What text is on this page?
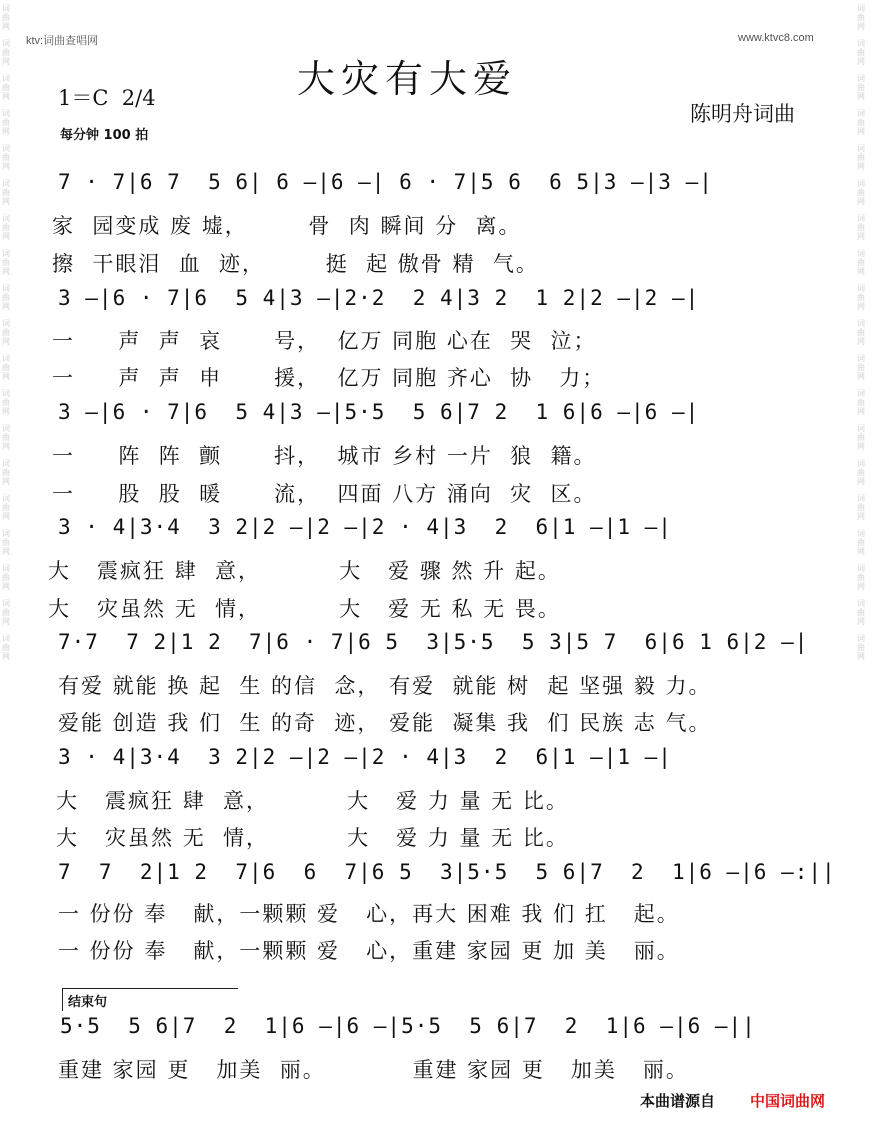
词 曲 网
词 曲 网
词 曲 网
词 曲 网
词 曲 网
词 曲 网
词 曲 网
词 曲 网
词 曲 网
词 曲 网
词 曲 网
词 曲 网
词 曲 网
词 曲 网
词 曲 网
词 曲 网
词 曲 网
词 曲 网
词 曲 网
词 曲 网
词 曲 网
词 曲 网
词 曲 网
词 曲 网
词 曲 网
词 曲 网
词 曲 网
词 曲 网
词 曲 网
词 曲 网
词 曲 网
词 曲 网
词 曲 网
词 曲 网
词 曲 网
词 曲 网
词 曲 网
词 曲 网
ktv:词曲查唱网	www.ktvc8.com
大灾有大爱
1＝C  2/4
每分钟 100 拍
陈明舟词曲
7 · 7|6 7  5 6| 6 —|6 —| 6 · 7|5 6  6 5|3 —|3 —|
家  园变成 废 墟，       骨  肉 瞬间 分  离。
擦  干眼泪  血  迹，       挺  起 傲骨 精  气。
3 —|6 · 7|6  5 4|3 —|2·2  2 4|3 2  1 2|2 —|2 —|
一     声  声  哀      号，  亿万 同胞 心在  哭  泣；
一     声  声  申      援，  亿万 同胞 齐心  协   力；
3 —|6 · 7|6  5 4|3 —|5·5  5 6|7 2  1 6|6 —|6 —|
一     阵  阵  颤      抖，  城市 乡村 一片  狼  籍。
一     股  股  暖      流，  四面 八方 涌向  灾  区。
3 · 4|3·4  3 2|2 —|2 —|2 · 4|3  2  6|1 —|1 —|
大   震疯狂 肆  意，         大   爱 骤 然 升 起。
大   灾虽然 无  情，         大   爱 无 私 无 畏。
7·7  7 2|1 2  7|6 · 7|6 5  3|5·5  5 3|5 7  6|6 1 6|2 —|
有爱 就能 换 起  生 的信  念， 有爱  就能 树  起 坚强 毅 力。
爱能 创造 我 们  生 的奇  迹， 爱能  凝集 我  们 民族 志 气。
3 · 4|3·4  3 2|2 —|2 —|2 · 4|3  2  6|1 —|1 —|
大   震疯狂 肆  意，         大   爱 力 量 无 比。
大   灾虽然 无  情，         大   爱 力 量 无 比。
7  7  2|1 2  7|6  6  7|6 5  3|5·5  5 6|7  2  1|6 —|6 —:||
一 份份 奉   献，一颗颗 爱   心，再大 困难 我 们 扛   起。
一 份份 奉   献，一颗颗 爱   心，重建 家园 更 加 美   丽。
结束句
5·5  5 6|7  2  1|6 —|6 —|5·5  5 6|7  2  1|6 —|6 —||
重建 家园 更   加美  丽。          重建 家园 更   加美   丽。
本曲谱源自 中国词曲网
